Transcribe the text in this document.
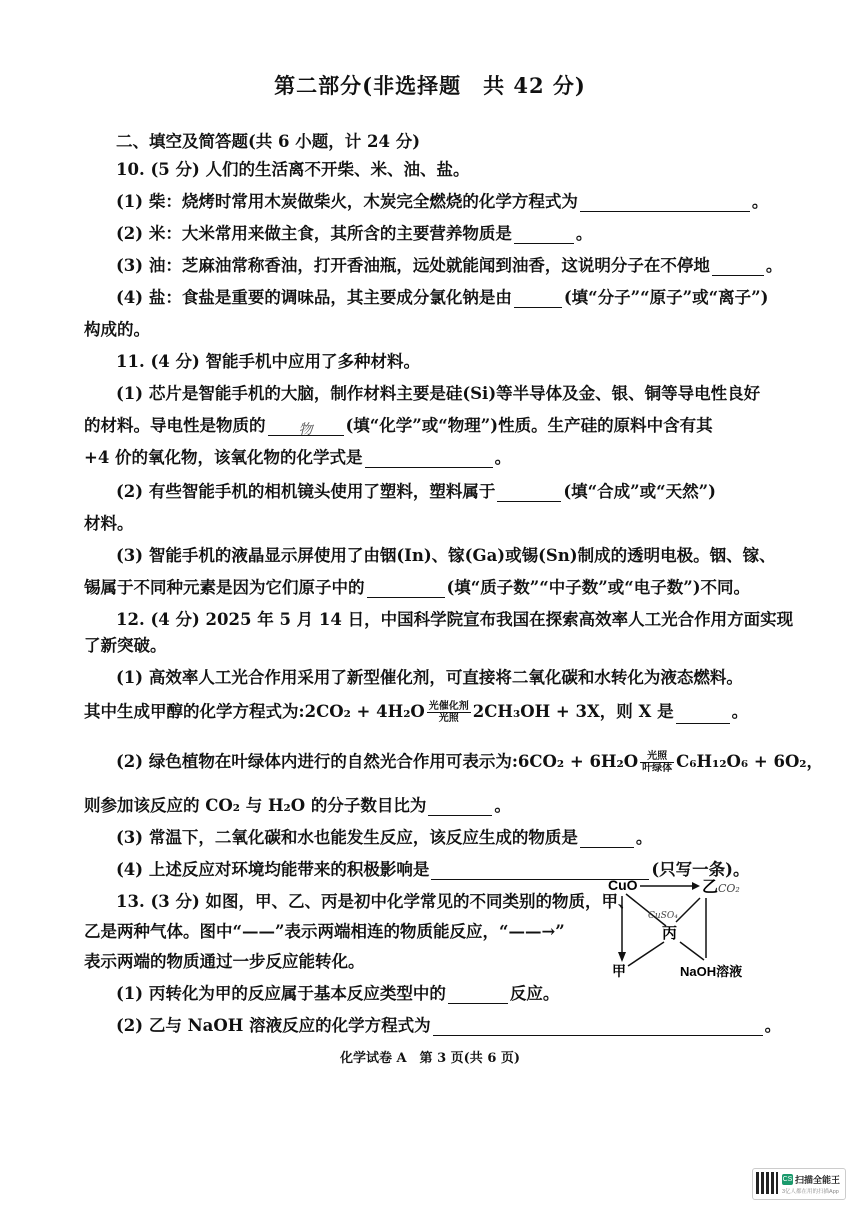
第二部分(非选择题　共 42 分)
二、填空及简答题(共 6 小题，计 24 分)
10. (5 分) 人们的生活离不开柴、米、油、盐。
(1) 柴：烧烤时常用木炭做柴火，木炭完全燃烧的化学方程式为	。
(2) 米：大米常用来做主食，其所含的主要营养物质是	。
(3) 油：芝麻油常称香油，打开香油瓶，远处就能闻到油香，这说明分子在不停地	。
(4) 盐：食盐是重要的调味品，其主要成分氯化钠是由	(填“分子”“原子”或“离子”)
构成的。
11. (4 分) 智能手机中应用了多种材料。
(1) 芯片是智能手机的大脑，制作材料主要是硅(Si)等半导体及金、银、铜等导电性良好
的材料。导电性是物质的 物 (填“化学”或“物理”)性质。生产硅的原料中含有其
+4 价的氧化物，该氧化物的化学式是	。
(2) 有些智能手机的相机镜头使用了塑料，塑料属于	(填“合成”或“天然”)
材料。
(3) 智能手机的液晶显示屏使用了由铟(In)、镓(Ga)或锡(Sn)制成的透明电极。铟、镓、
锡属于不同种元素是因为它们原子中的	(填“质子数”“中子数”或“电子数”)不同。
12. (4 分) 2025 年 5 月 14 日，中国科学院宣布我国在探索高效率人工光合作用方面实现
了新突破。
(1) 高效率人工光合作用采用了新型催化剂，可直接将二氧化碳和水转化为液态燃料。
其中生成甲醇的化学方程式为:2CO₂ + $4H_2O \frac{\text{光催化剂}}{\text{光照}} 2CH_3OH + 3X$，则 X 是	。
(2) 绿色植物在叶绿体内进行的自然光合作用可表示为:6CO₂ + $6H_2O \frac{\text{光照}}{\text{叶绿体}} C_6H_{12}O_6 + 6O_2$，
则参加该反应的 CO₂ 与 H₂O 的分子数目比为	。
(3) 常温下，二氧化碳和水也能发生反应，该反应生成的物质是	。
(4) 上述反应对环境均能带来的积极影响是	(只写一条)。
13. (3 分) 如图，甲、乙、丙是初中化学常见的不同类别的物质，甲、
乙是两种气体。图中“——”表示两端相连的物质能反应，“——→”
表示两端的物质通过一步反应能转化。
(1) 丙转化为甲的反应属于基本反应类型中的	反应。
(2) 乙与 NaOH 溶液反应的化学方程式为	。
CuO	乙 CO₂
CuSO₄
丙
甲	NaOH溶液
化学试卷 A　第 3 页(共 6 页)
CS 扫描全能王
3亿人都在用的扫描App
